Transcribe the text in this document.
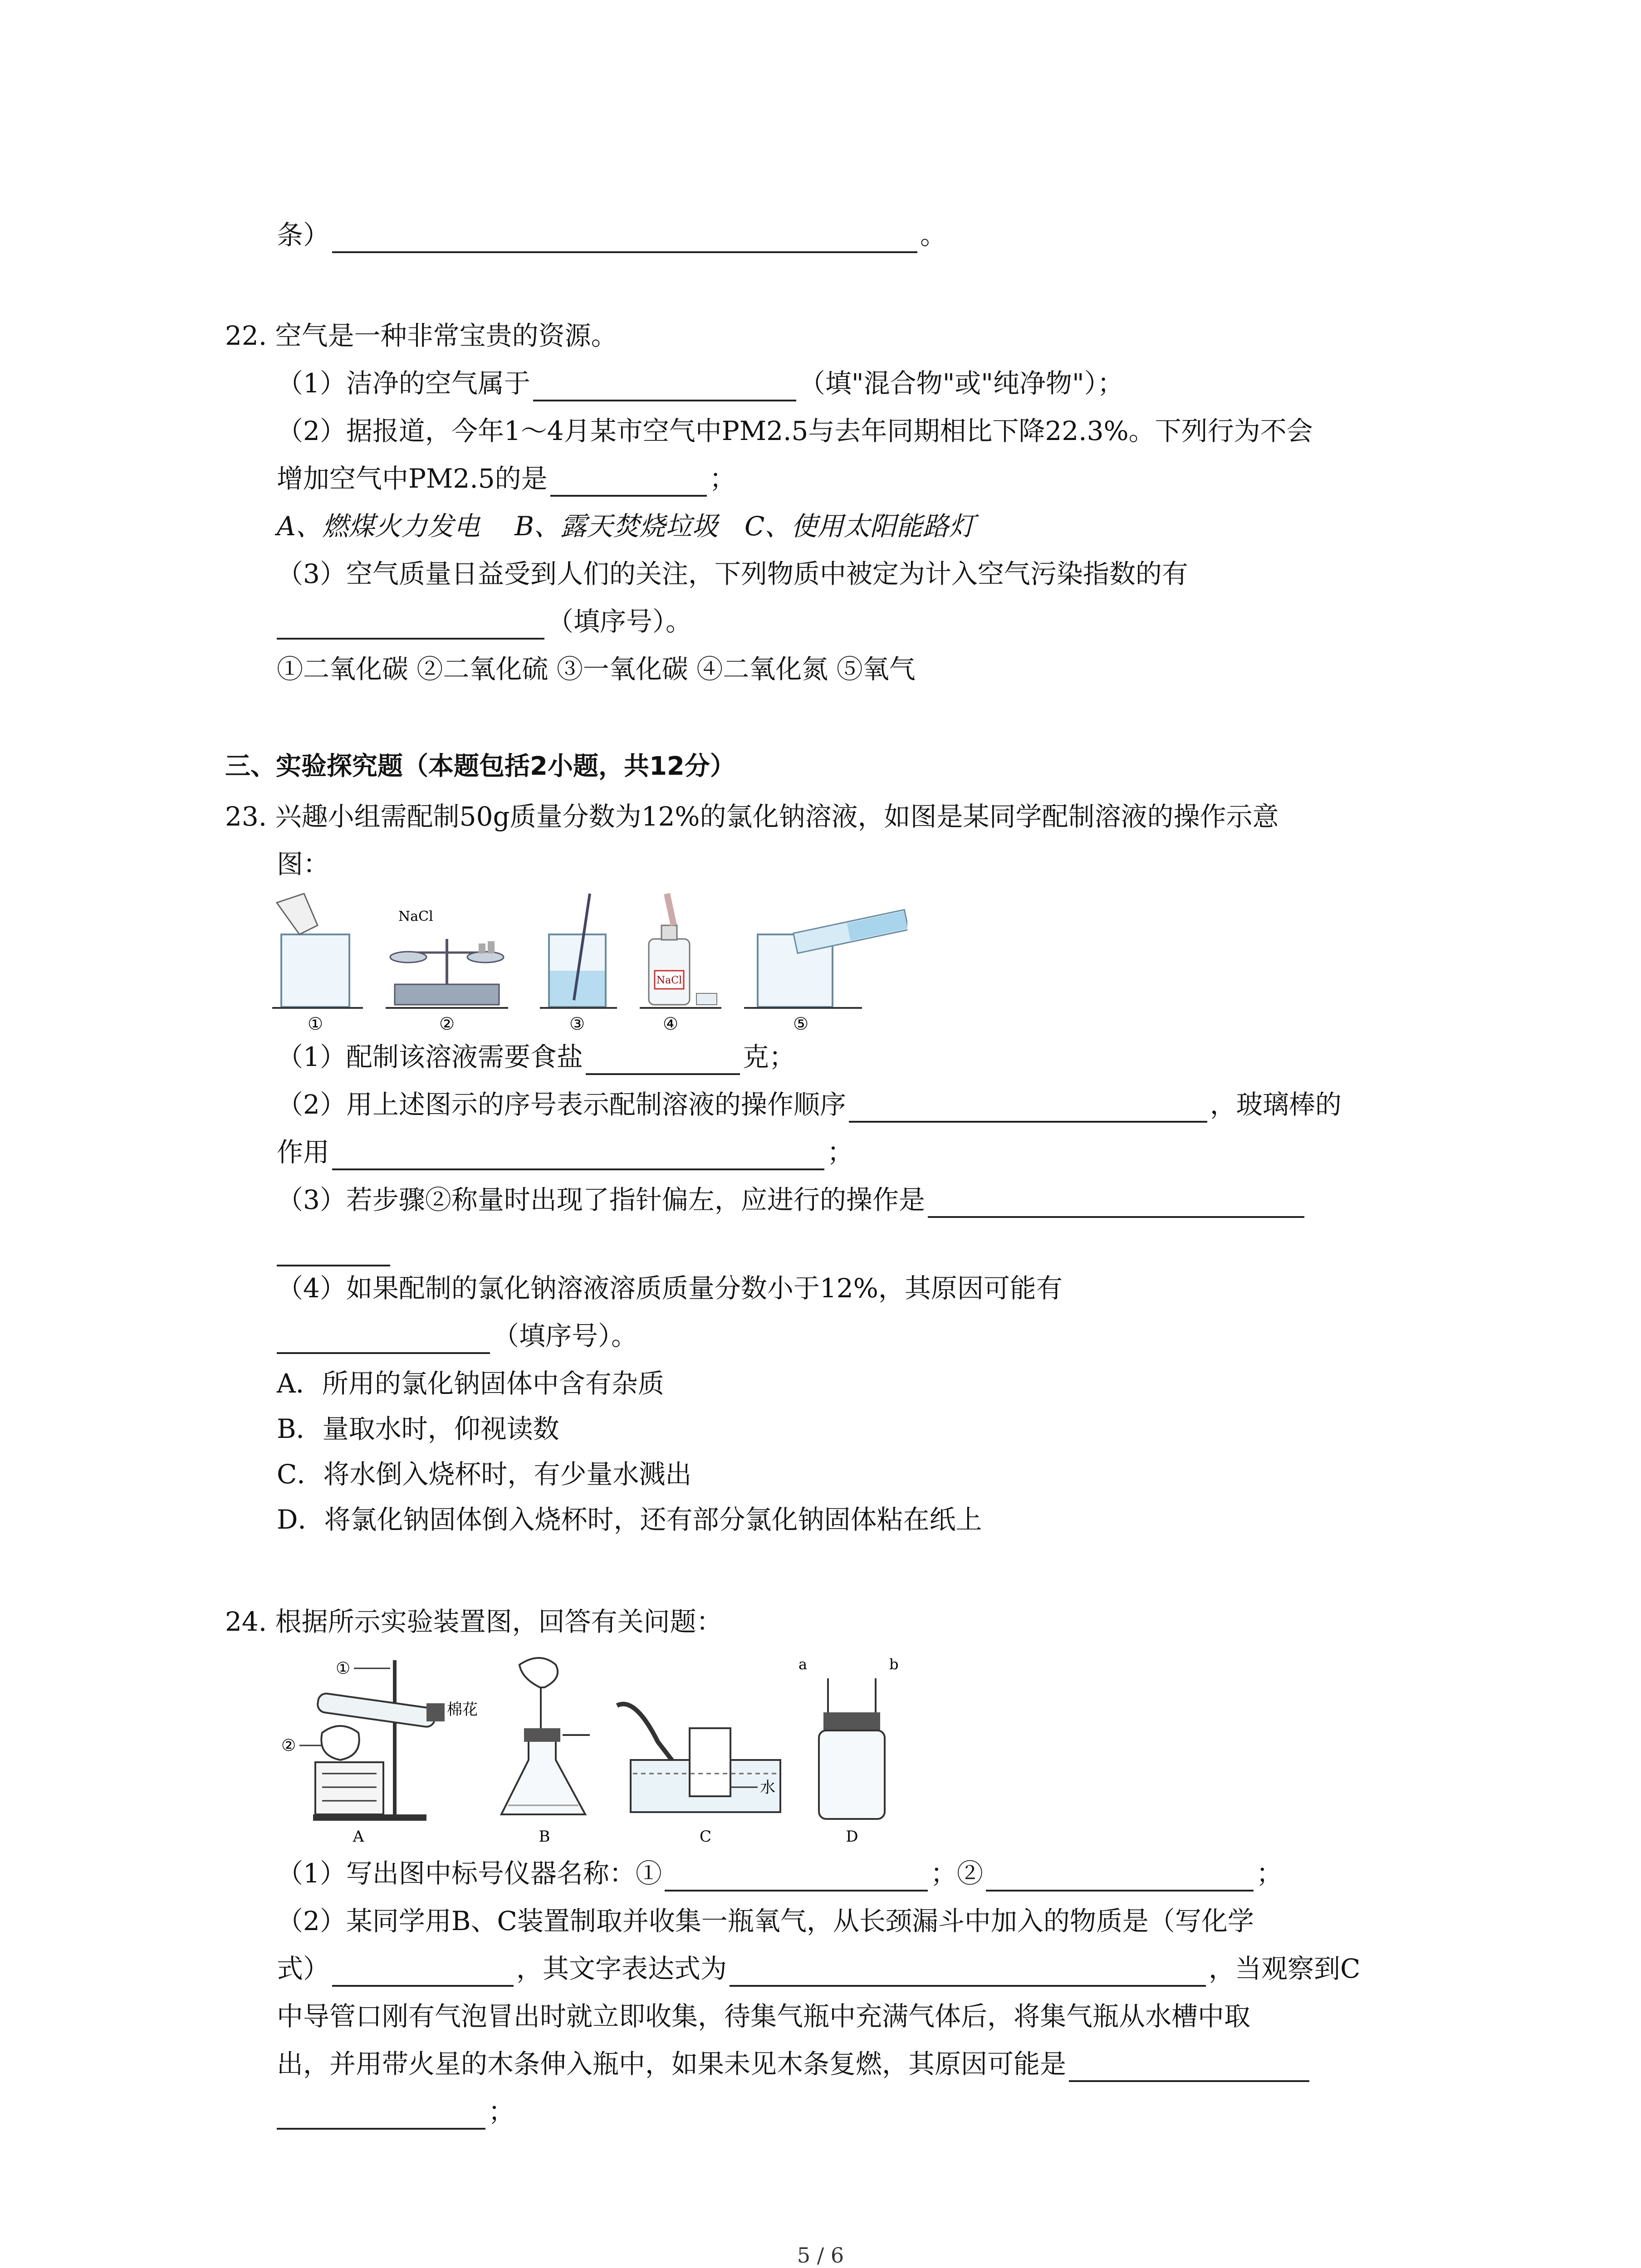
条）	。
22. 空气是一种非常宝贵的资源。
（1）洁净的空气属于	（填"混合物"或"纯净物"）；
（2）据报道，今年1～4月某市空气中PM2.5与去年同期相比下降22.3%。下列行为不会
增加空气中PM2.5的是	；
A、燃煤火力发电　 B、露天焚烧垃圾　C、使用太阳能路灯
（3）空气质量日益受到人们的关注，下列物质中被定为计入空气污染指数的有
（填序号）。
①二氧化碳 ②二氧化硫 ③一氧化碳 ④二氧化氮 ⑤氧气
三、实验探究题（本题包括2小题，共12分）
23. 兴趣小组需配制50g质量分数为12%的氯化钠溶液，如图是某同学配制溶液的操作示意
图：
①
NaCl
②	③
NaCl
④	⑤
（1）配制该溶液需要食盐	克；
（2）用上述图示的序号表示配制溶液的操作顺序	，玻璃棒的
作用	；
（3）若步骤②称量时出现了指针偏左，应进行的操作是
（4）如果配制的氯化钠溶液溶质质量分数小于12%，其原因可能有
（填序号）。
A．所用的氯化钠固体中含有杂质
B．量取水时，仰视读数
C．将水倒入烧杯时，有少量水溅出
D．将氯化钠固体倒入烧杯时，还有部分氯化钠固体粘在纸上
24. 根据所示实验装置图，回答有关问题：
①
棉花
②
A	B
水
C
a	b
D
（1）写出图中标号仪器名称：①	；②	；
（2）某同学用B、C装置制取并收集一瓶氧气，从长颈漏斗中加入的物质是（写化学
式）	，其文字表达式为	，当观察到C
中导管口刚有气泡冒出时就立即收集，待集气瓶中充满气体后，将集气瓶从水槽中取
出，并用带火星的木条伸入瓶中，如果未见木条复燃，其原因可能是
；
5 / 6
